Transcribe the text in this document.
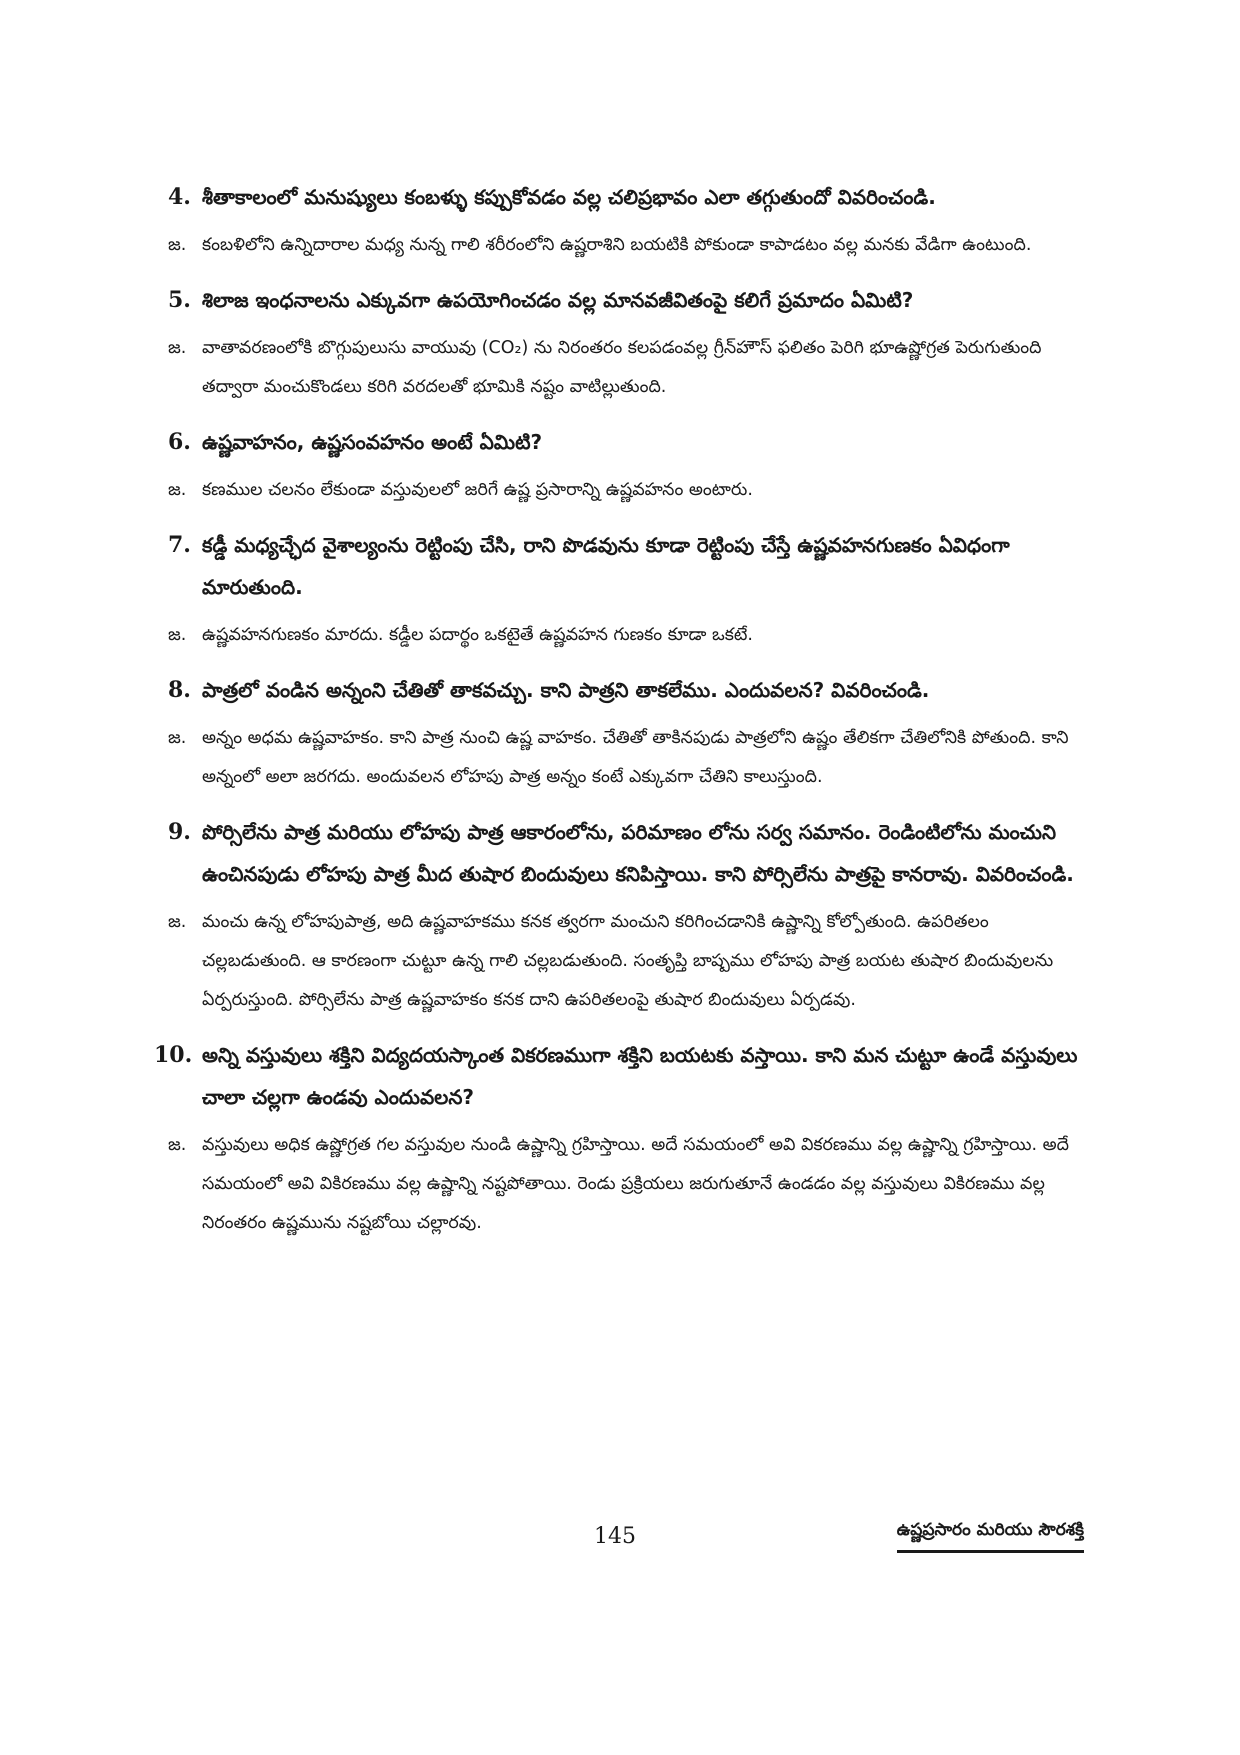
4. శీతాకాలంలో మనుష్యులు కంబళ్ళు కప్పుకోవడం వల్ల చలిప్రభావం ఎలా తగ్గుతుందో వివరించండి.
జ. కంబళిలోని ఉన్నిదారాల మధ్య నున్న గాలి శరీరంలోని ఉష్ణరాశిని బయటికి పోకుండా కాపాడటం వల్ల మనకు వేడిగా ఉంటుంది.
5. శిలాజ ఇంధనాలను ఎక్కువగా ఉపయోగించడం వల్ల మానవజీవితంపై కలిగే ప్రమాదం ఏమిటి?
జ. వాతావరణంలోకి బొగ్గుపులుసు వాయువు (CO₂) ను నిరంతరం కలపడంవల్ల గ్రీన్‌హౌస్ ఫలితం పెరిగి భూఉష్ణోగ్రత పెరుగుతుంది తద్వారా మంచుకొండలు కరిగి వరదలతో భూమికి నష్టం వాటిల్లుతుంది.
6. ఉష్ణవాహనం, ఉష్ణసంవహనం అంటే ఏమిటి?
జ. కణముల చలనం లేకుండా వస్తువులలో జరిగే ఉష్ణ ప్రసారాన్ని ఉష్ణవహనం అంటారు.
7. కడ్డీ మధ్యచ్ఛేద వైశాల్యంను రెట్టింపు చేసి, రాని పొడవును కూడా రెట్టింపు చేస్తే ఉష్ణవహనగుణకం ఏవిధంగా మారుతుంది.
జ. ఉష్ణవహనగుణకం మారదు. కడ్డీల పదార్థం ఒకటైతే ఉష్ణవహన గుణకం కూడా ఒకటే.
8. పాత్రలో వండిన అన్నంని చేతితో తాకవచ్చు. కాని పాత్రని తాకలేము. ఎందువలన? వివరించండి.
జ. అన్నం అధమ ఉష్ణవాహకం. కాని పాత్ర నుంచి ఉష్ణ వాహకం. చేతితో తాకినపుడు పాత్రలోని ఉష్ణం తేలికగా చేతిలోనికి పోతుంది. కాని అన్నంలో అలా జరగదు. అందువలన లోహపు పాత్ర అన్నం కంటే ఎక్కువగా చేతిని కాలుస్తుంది.
9. పోర్సిలేను పాత్ర మరియు లోహపు పాత్ర ఆకారంలోను, పరిమాణం లోను సర్వ సమానం. రెండింటిలోను మంచుని ఉంచినపుడు లోహపు పాత్ర మీద తుషార బిందువులు కనిపిస్తాయి. కాని పోర్సిలేను పాత్రపై కానరావు. వివరించండి.
జ. మంచు ఉన్న లోహపుపాత్ర, అది ఉష్ణవాహకము కనక త్వరగా మంచుని కరిగించడానికి ఉష్ణాన్ని కోల్పోతుంది. ఉపరితలం చల్లబడుతుంది. ఆ కారణంగా చుట్టూ ఉన్న గాలి చల్లబడుతుంది. సంతృప్తి బాష్పము లోహపు పాత్ర బయట తుషార బిందువులను ఏర్పరుస్తుంది. పోర్సిలేను పాత్ర ఉష్ణవాహకం కనక దాని ఉపరితలంపై తుషార బిందువులు ఏర్పడవు.
10. అన్ని వస్తువులు శక్తిని విద్యదయస్కాంత వికరణముగా శక్తిని బయటకు వస్తాయి. కాని మన చుట్టూ ఉండే వస్తువులు చాలా చల్లగా ఉండవు ఎందువలన?
జ. వస్తువులు అధిక ఉష్ణోగ్రత గల వస్తువుల నుండి ఉష్ణాన్ని గ్రహిస్తాయి. అదే సమయంలో అవి వికరణము వల్ల ఉష్ణాన్ని గ్రహిస్తాయి. అదే సమయంలో అవి వికిరణము వల్ల ఉష్ణాన్ని నష్టపోతాయి. రెండు ప్రక్రియలు జరుగుతూనే ఉండడం వల్ల వస్తువులు వికిరణము వల్ల నిరంతరం ఉష్ణమును నష్టబోయి చల్లారవు.
145	ఉష్ణప్రసారం మరియు సౌరశక్తి
